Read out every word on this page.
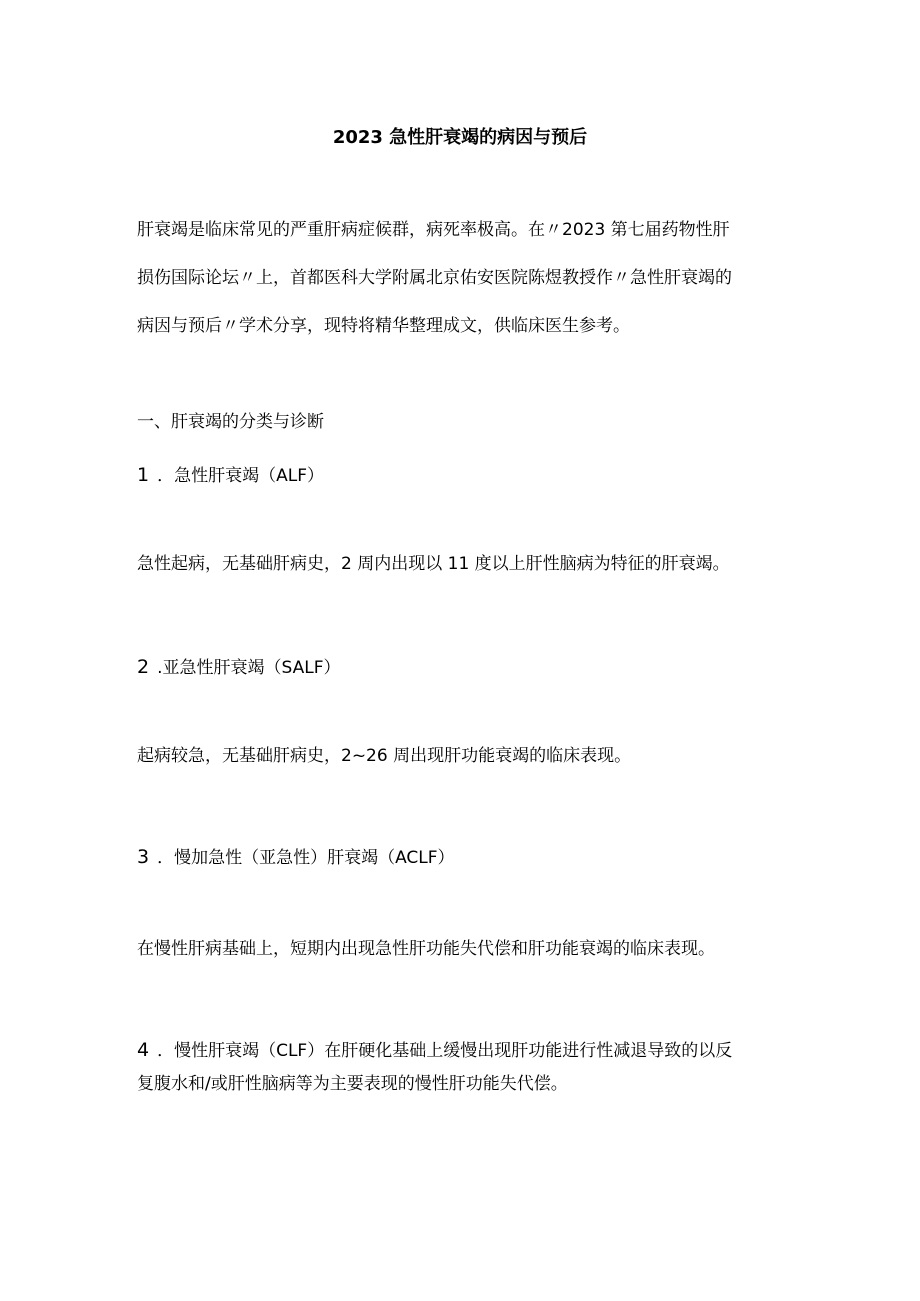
2023 急性肝衰竭的病因与预后
肝衰竭是临床常见的严重肝病症候群，病死率极高。在〃2023 第七届药物性肝
损伤国际论坛〃上，首都医科大学附属北京佑安医院陈煜教授作〃急性肝衰竭的
病因与预后〃学术分享，现特将精华整理成文，供临床医生参考。
一、肝衰竭的分类与诊断
1 ．急性肝衰竭（ALF）
急性起病，无基础肝病史，2 周内出现以 11 度以上肝性脑病为特征的肝衰竭。
2 .亚急性肝衰竭（SALF）
起病较急，无基础肝病史，2~26 周出现肝功能衰竭的临床表现。
3 ．慢加急性（亚急性）肝衰竭（ACLF）
在慢性肝病基础上，短期内出现急性肝功能失代偿和肝功能衰竭的临床表现。
4 ．慢性肝衰竭（CLF）在肝硬化基础上缓慢出现肝功能进行性减退导致的以反
复腹水和/或肝性脑病等为主要表现的慢性肝功能失代偿。
